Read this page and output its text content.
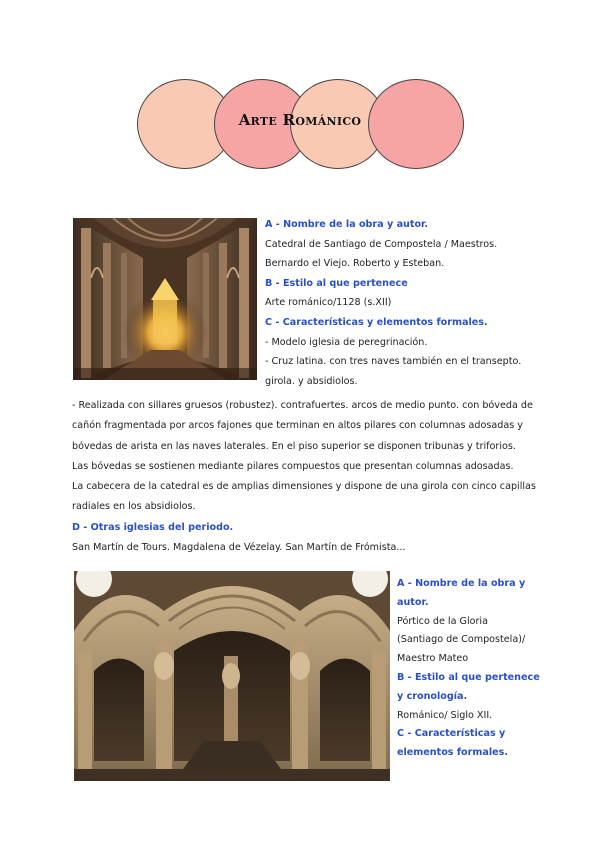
Arte Románico
A - Nombre de la obra y autor.
Catedral de Santiago de Compostela / Maestros.
Bernardo el Viejo. Roberto y Esteban.
B - Estilo al que pertenece
Arte románico/1128 (s.XII)
C - Características y elementos formales.
- Modelo iglesia de peregrinación.
- Cruz latina. con tres naves también en el transepto.
girola. y absidiolos.
- Realizada con sillares gruesos (robustez). contrafuertes. arcos de medio punto. con bóveda de
cañón fragmentada por arcos fajones que terminan en altos pilares con columnas adosadas y
bóvedas de arista en las naves laterales. En el piso superior se disponen tribunas y triforios.
Las bóvedas se sostienen mediante pilares compuestos que presentan columnas adosadas.
La cabecera de la catedral es de amplias dimensiones y dispone de una girola con cinco capillas
radiales en los absidiolos.
D - Otras iglesias del periodo.
San Martín de Tours. Magdalena de Vézelay. San Martín de Frómista...
A - Nombre de la obra y
autor.
Pórtico de la Gloria
(Santiago de Compostela)/
Maestro Mateo
B - Estilo al que pertenece
y cronología.
Románico/ Siglo XII.
C - Características y
elementos formales.
